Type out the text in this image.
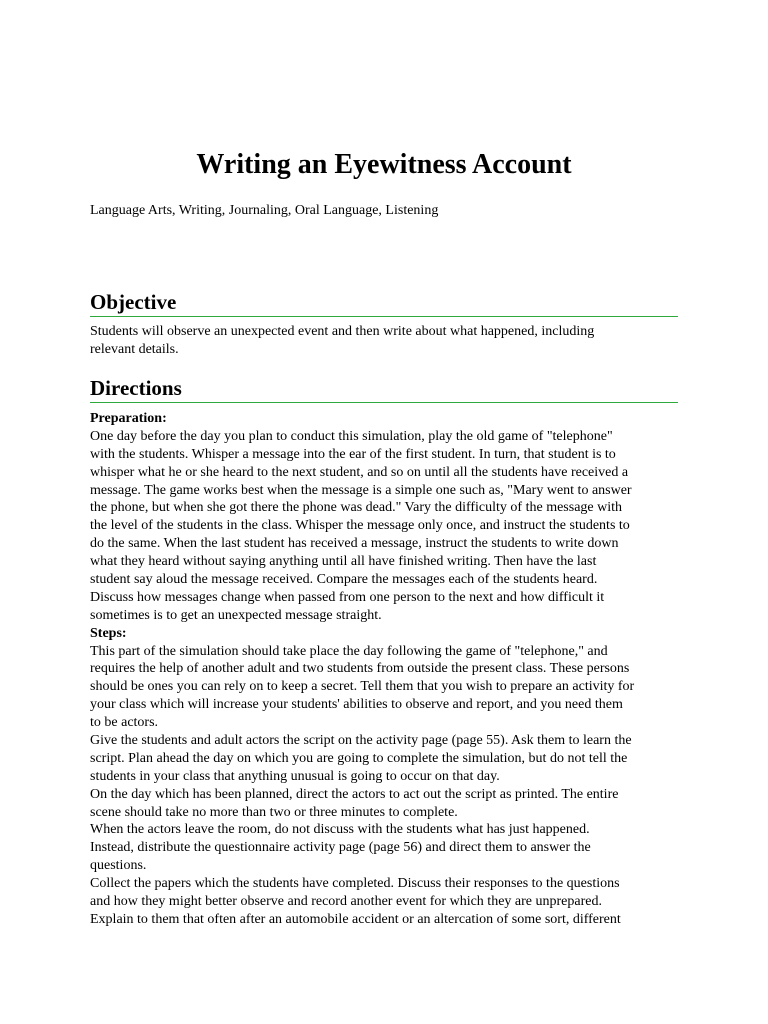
Writing an Eyewitness Account

Language Arts, Writing, Journaling, Oral Language, Listening

Objective
Students will observe an unexpected event and then write about what happened, including
relevant details.
Directions
Preparation:
One day before the day you plan to conduct this simulation, play the old game of "telephone"
with the students. Whisper a message into the ear of the first student. In turn, that student is to
whisper what he or she heard to the next student, and so on until all the students have received a
message. The game works best when the message is a simple one such as, "Mary went to answer
the phone, but when she got there the phone was dead." Vary the difficulty of the message with
the level of the students in the class. Whisper the message only once, and instruct the students to
do the same. When the last student has received a message, instruct the students to write down
what they heard without saying anything until all have finished writing. Then have the last
student say aloud the message received. Compare the messages each of the students heard.
Discuss how messages change when passed from one person to the next and how difficult it
sometimes is to get an unexpected message straight.
Steps:
This part of the simulation should take place the day following the game of "telephone," and
requires the help of another adult and two students from outside the present class. These persons
should be ones you can rely on to keep a secret. Tell them that you wish to prepare an activity for
your class which will increase your students' abilities to observe and report, and you need them
to be actors.
Give the students and adult actors the script on the activity page (page 55). Ask them to learn the
script. Plan ahead the day on which you are going to complete the simulation, but do not tell the
students in your class that anything unusual is going to occur on that day.
On the day which has been planned, direct the actors to act out the script as printed. The entire
scene should take no more than two or three minutes to complete.
When the actors leave the room, do not discuss with the students what has just happened.
Instead, distribute the questionnaire activity page (page 56) and direct them to answer the
questions.
Collect the papers which the students have completed. Discuss their responses to the questions
and how they might better observe and record another event for which they are unprepared.
Explain to them that often after an automobile accident or an altercation of some sort, different
